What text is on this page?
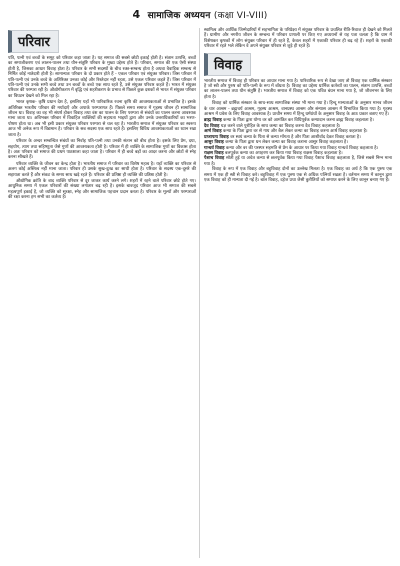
4 सामाजिक अध्ययन (कक्षा VI-VIII)
परिवार

पति, पत्नी एवं बच्चों के समूह को परिवार कहा जाता है। यह समाज की सबसे छोटी इकाई होती है। संतान उत्पत्ति, बच्चों का समाजीकरण एवं लालन-पालन तथा यौन-संतुष्टि परिवार के मुख्य उद्देश्य होते हैं। परिवार, समाज की एक ऐसी संस्था होती है, जिसका आधार विवाह होता है। परिवार के सभी सदस्यों के बीच रक्त-सम्बन्ध होता है अथवा वैवाहिक सम्बन्ध से निर्मित कोई नातेदारी होती है। सामान्यतः परिवार के दो प्रकार होते हैं - एकल परिवार एवं संयुक्त परिवार। जिस परिवार में पति-पत्नी एवं उनके बच्चे के अतिरिक्त उनका कोई और रिश्तेदार नहीं रहता, उसे एकल परिवार कहते हैं। जिस परिवार में पति-पत्नी एवं उनके सभी बच्चे तथा उन बच्चों के बच्चे एक साथ रहते हैं, उसे संयुक्त परिवार कहते हैं। भारत में संयुक्त परिवार की परम्परा रही है। औद्योगीकरण में वृद्धि एवं शहरीकरण के प्रभाव से पिछले कुछ दशकों से भारत में संयुक्त परिवार का विघटन देखने को मिल रहा है।

भारत कृषक- कृषि प्रधान देश है, इसलिए यहाँ भी पारिवारिक रचना कृषि की आवश्यकताओं से प्रभावित है। इसके अतिरिक्त भारतीय परिवार की मर्यादाएँ और अपार्क परम्परागत हैं। पिछले समय समाज में गृहस्थ जीवन ही सामाजिक जीवन था। विवाह का वह भी संघर्ष होकर विवाह तथा वंश का पालन के लिए परम्परा से संबंधों का पालन करना आवश्यक माना जाता था। अविभक्त परिवार में विवाहित व्यक्तियों की सहायता भाइयों द्वारा और उनके उत्तराधिकारियों का भरण-पोषण होता था। अब भी इसी प्रकार संयुक्त परिवार परम्परा से चल रहा है। भारतीय समाज में संयुक्त परिवार का स्वरूप आज भी अनेक रूप में विद्यमान है। परिवार के सब सदस्य एक साथ रहते हैं। इसलिए विविध आवश्यकताओं का ध्यान रखा जाता है।

परिवार के अन्दर सम्बन्धित संबंधों का निर्वाह पति-पत्नी तथा उनकी संतान को बीच होता है। इसके लिए प्रेम, दया, सहयोग, त्याग तथा सहिष्णुता जैसे गुणों की आवश्यकता होती है। परिवार में ही व्यक्ति के सामाजिक गुणों का विकास होता है। अतः परिवार को समाज की प्रथम पाठशाला कहा जाता है। परिवार में ही बच्चे बड़ों का आदर करना और छोटों से स्नेह करना सीखते हैं।

परिवार व्यक्ति के जीवन का केन्द्र होता है। भारतीय समाज में परिवार का विशेष महत्व है। यहाँ व्यक्ति का परिवार से अलग कोई अस्तित्व नहीं माना जाता। परिवार ही उसके सुख-दुःख का साथी होता है। परिवार के सदस्य एक-दूसरे की सहायता करते हैं और संकट के समय साथ खड़े रहते हैं। परिवार की प्रतिष्ठा ही व्यक्ति की प्रतिष्ठा होती है।

औद्योगिक क्रांति के बाद व्यक्ति परिवार से दूर जाकर कार्य करने लगे। शहरों में रहने वाले परिवार छोटे होते गए। आधुनिक समय में एकल परिवारों की संख्या लगातार बढ़ रही है। इसके बावजूद परिवार आज भी समाज की सबसे महत्वपूर्ण इकाई है, जो व्यक्ति को सुरक्षा, स्नेह और सामाजिक पहचान प्रदान करता है। परिवार के मूल्यों और परम्पराओं की रक्षा करना हम सभी का कर्तव्य है।

स्वामित्व और आर्थिक जिम्मेदारियों में सहभागिता के परिप्रेक्ष्य में संयुक्त परिवार के प्रचलित रीति-रिवाज ही देखने को मिलते हैं। ग्रामीण और नगरीय जीवन के सम्बन्ध में परिवार प्रणाली पर किए गए अध्ययनों से यह पता चलता है कि ग्राम में विशेषकर कृषकों में लोग संयुक्त परिवार में ही रहते हैं, केवल शहरों में एकाकी परिवार ही बढ़ रहे हैं। शहरों के एकाकी परिवार में रहते भले लेकिन वे अपने संयुक्त परिवार से जुड़े ही रहते हैं।

विवाह

भारतीय समाज में विवाह ही परिवार का आधार माना गया है। पारिवारिक रूप से देखा जाए तो विवाह एक धार्मिक संस्कार है जो स्त्री और पुरुष को पति-पत्नी के रूप में बाँधता है। विवाह का उद्देश्य धार्मिक कर्तव्यों का पालन, संतान उत्पत्ति, बच्चों का लालन-पालन तथा यौन संतुष्टि है। भारतीय समाज में विवाह को एक पवित्र बंधन माना गया है, जो जीवनभर के लिए होता है।

विवाह को धार्मिक संस्कार के साथ-साथ सामाजिक संस्था भी माना गया है। हिन्दू मान्यताओं के अनुसार मानव जीवन के चार आश्रम - ब्रह्मचर्य आश्रम, गृहस्थ आश्रम, वानप्रस्थ आश्रम और संन्यास आश्रम में विभाजित किया गया है। गृहस्थ आश्रम में प्रवेश के लिए विवाह आवश्यक है। प्राचीन समय में हिन्दू धर्मग्रंथों के अनुसार विवाह के आठ प्रकार बताए गए हैं।

ब्राह्म विवाह कन्या के पिता द्वारा योग्य वर को आमंत्रित कर विधिपूर्वक कन्यादान करना ब्राह्म विवाह कहलाता है।

दैव विवाह यज्ञ करने वाले पुरोहित के साथ कन्या का विवाह करना दैव विवाह कहलाता है।

आर्ष विवाह कन्या के पिता द्वारा वर से गाय और बैल लेकर कन्या का विवाह करना आर्ष विवाह कहलाता है।

प्राजापत्य विवाह वर स्वयं कन्या के पिता से कन्या माँगता है और पिता आशीर्वाद देकर विवाह कराता है।

आसुर विवाह कन्या के पिता द्वारा धन लेकर कन्या का विवाह कराना आसुर विवाह कहलाता है।

गान्धर्व विवाह कन्या और वर की परस्पर सहमति से प्रेम के आधार पर किया गया विवाह गान्धर्व विवाह कहलाता है।

राक्षस विवाह बलपूर्वक कन्या का अपहरण कर किया गया विवाह राक्षस विवाह कहलाता है।

पैशाच विवाह सोती हुई या अचेत कन्या से छलपूर्वक किया गया विवाह पैशाच विवाह कहलाता है, जिसे सबसे निम्न माना गया है।

विवाह के रूप में एक विवाह और बहुविवाह दोनों का उल्लेख मिलता है। एक विवाह का अर्थ है कि एक पुरुष एक समय में एक ही स्त्री से विवाह करे। बहुविवाह में एक पुरुष एक से अधिक पत्नियाँ रखता है। वर्तमान समय में कानून द्वारा एक विवाह को ही मान्यता दी गई है। बाल विवाह, दहेज प्रथा जैसी कुरीतियों को समाप्त करने के लिए कानून बनाए गए हैं।
